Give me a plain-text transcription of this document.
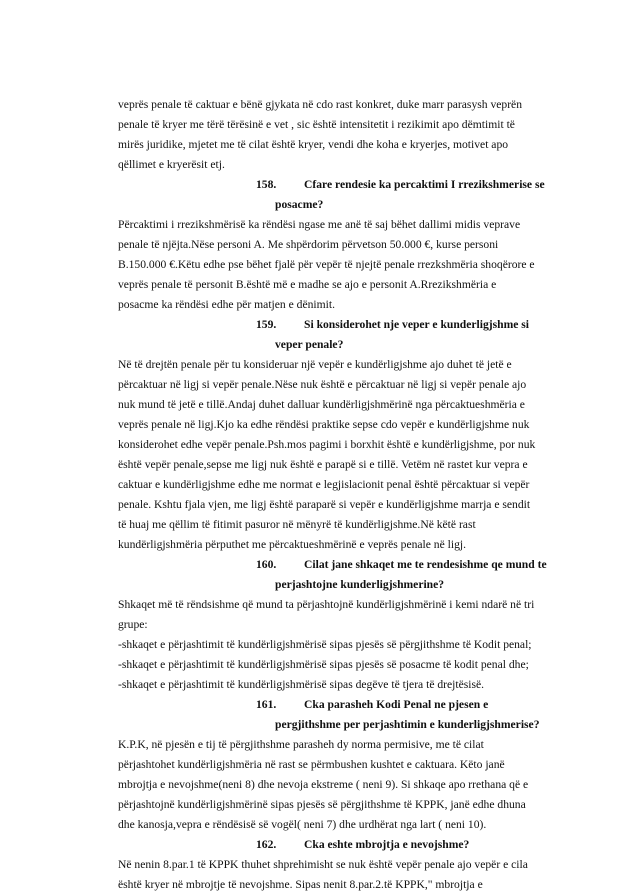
veprës penale të caktuar e bënë gjykata në cdo rast konkret, duke marr parasysh veprën
penale të kryer me tërë tërësinë e vet , sic është intensitetit i rezikimit apo dëmtimit të
mirës juridike, mjetet me të cilat është kryer, vendi dhe koha e kryerjes, motivet apo
qëllimet e kryerësit etj.

158. Cfare rendesie ka percaktimi I rrezikshmerise se
posacme?

Përcaktimi i rrezikshmërisë ka rëndësi ngase me anë të saj bëhet dallimi midis veprave
penale të njëjta.Nëse personi A. Me shpërdorim përvetson 50.000 €, kurse personi
B.150.000 €.Këtu edhe pse bëhet fjalë për vepër të njejtë penale rrezkshmëria shoqërore e
veprës penale të personit B.është më e madhe se ajo e personit A.Rrezikshmëria e
posacme ka rëndësi edhe për matjen e dënimit.

159. Si konsiderohet nje veper e kunderligjshme si
veper penale?

Në të drejtën penale për tu konsideruar një vepër e kundërligjshme ajo duhet të jetë e
përcaktuar në ligj si vepër penale.Nëse nuk është e përcaktuar në ligj si vepër penale ajo
nuk mund të jetë e tillë.Andaj duhet dalluar kundërligjshmërinë nga përcaktueshmëria e
veprës penale në ligj.Kjo ka edhe rëndësi praktike sepse cdo vepër e kundërligjshme nuk
konsiderohet edhe vepër penale.Psh.mos pagimi i borxhit është e kundërligjshme, por nuk
është vepër penale,sepse me ligj nuk është e parapë si e tillë. Vetëm në rastet kur vepra e
caktuar e kundërligjshme edhe me normat e legjislacionit penal është përcaktuar si vepër
penale. Kshtu fjala vjen, me ligj është paraparë si vepër e kundërligjshme marrja e sendit
të huaj me qëllim të fitimit pasuror në mënyrë të kundërligjshme.Në këtë rast
kundërligjshmëria përputhet me përcaktueshmërinë e veprës penale në ligj.

160. Cilat jane shkaqet me te rendesishme qe mund te
perjashtojne kunderligjshmerine?

Shkaqet më të rëndsishme që mund ta përjashtojnë kundërligjshmërinë i kemi ndarë në tri
grupe:
-shkaqet e përjashtimit të kundërligjshmërisë sipas pjesës së përgjithshme të Kodit penal;
-shkaqet e përjashtimit të kundërligjshmërisë sipas pjesës së posacme të kodit penal dhe;
-shkaqet e përjashtimit të kundërligjshmërisë sipas degëve të tjera të drejtësisë.

161. Cka parasheh Kodi Penal ne pjesen e
pergjithshme per perjashtimin e kunderligjshmerise?

K.P.K, në pjesën e tij të përgjithshme parasheh dy norma permisive, me të cilat
përjashtohet kundërligjshmëria në rast se përmbushen kushtet e caktuara. Këto janë
mbrojtja e nevojshme(neni 8) dhe nevoja ekstreme ( neni 9). Si shkaqe apo rrethana që e
përjashtojnë kundërligjshmërinë sipas pjesës së përgjithshme të KPPK, janë edhe dhuna
dhe kanosja,vepra e rëndësisë së vogël( neni 7) dhe urdhërat nga lart ( neni 10).

162. Cka eshte mbrojtja e nevojshme?

Në nenin 8.par.1 të KPPK thuhet shprehimisht se nuk është vepër penale ajo vepër e cila
është kryer në mbrojtje të nevojshme. Sipas nenit 8.par.2.të KPPK," mbrojtja e
